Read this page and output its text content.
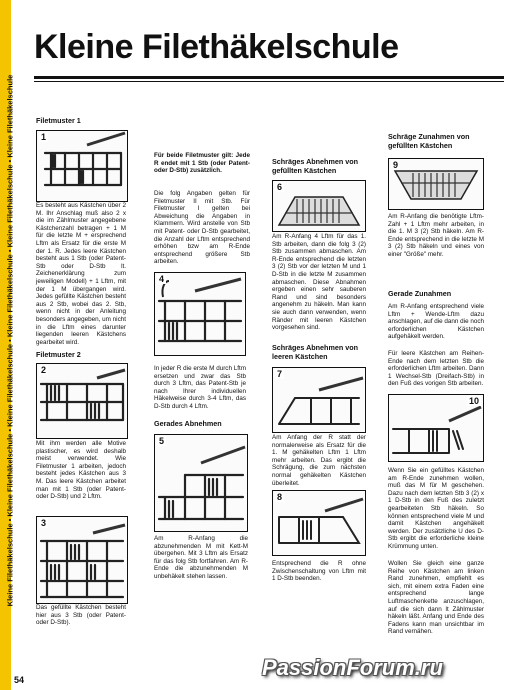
Kleine Filethäkelschule • Kleine Filethäkelschule • Kleine Filethäkelschule • Kleine Filethäkelschule • Kleine Filethäkelschule • Kleine Filethäkelschule
Kleine Filethäkelschule
Filetmuster 1
1
Es besteht aus Kästchen über 2 M. Ihr Anschlag muß also 2 x die im Zählmuster angegebene Kästchenzahl betragen + 1 M für die letzte M + ersprechend Lftm als Ersatz für die erste M der 1. R. Jedes leere Kästchen besteht aus 1 Stb (oder Patent-Stb oder D-Stb lt. Zeichenerklärung zum jeweiligen Modell) + 1 Lftm, mit der 1 M übergangen wird. Jedes gefüllte Kästchen besteht aus 2 Stb, wobei das 2. Stb, wenn nicht in der Anleitung besonders angegeben, um nicht in die Lftm eines darunter liegenden leeren Kästchens gearbeitet wird.
Filetmuster 2
2
Mit ihm werden alle Motive plastischer, es wird deshalb meist verwendet. Wie Filetmuster 1 arbeiten, jedoch besteht jedes Kästchen aus 3 M. Das leere Kästchen arbeitet man mit 1 Stb (oder Patent- oder D-Stb) und 2 Lftm.
3
Das gefüllte Kästchen besteht hier aus 3 Stb (oder Patent- oder D-Stb).
Für beide Filetmuster gilt: Jede R endet mit 1 Stb (oder Patent- oder D-Stb) zusätzlich.
Die folg Angaben gelten für Filetmuster II mit Stb. Für Filetmuster I gelten bei Abweichung die Angaben in Klammern. Wird anstelle von Stb mit Patent- oder D-Stb gearbeitet, die Anzahl der Lftm entsprechend erhöhen bzw am R-Ende entsprechend größere Stb arbeiten.
4
In jeder R die erste M durch Lftm ersetzen und zwar das Stb durch 3 Lftm, das Patent-Stb je nach Ihrer individuellen Häkelweise durch 3-4 Lftm, das D-Stb durch 4 Lftm.
Gerades Abnehmen
5
Am R-Anfang die abzunehmenden M mit Kett-M übergehen. Mit 3 Lftm als Ersatz für das folg Stb fortfahren. Am R-Ende die abzunehmenden M unbehäkelt stehen lassen.
Schräges Abnehmen von gefüllten Kästchen
6
Am R-Anfang 4 Lftm für das 1. Stb arbeiten, dann die folg 3 (2) Stb zusammen abmaschen. Am R-Ende entsprechend die letzten 3 (2) Stb vor der letzten M und 1 D-Stb in die letzte M zusammen abmaschen. Diese Abnahmen ergeben einen sehr sauberen Rand und sind besonders angenehm zu häkeln. Man kann sie auch dann verwenden, wenn Ränder mit leeren Kästchen vorgesehen sind.
Schräges Abnehmen von leeren Kästchen
7
Am Anfang der R statt der normalerweise als Ersatz für die 1. M gehäkelten Lftm 1 Lftm mehr arbeiten. Das ergibt die Schrägung, die zum nächsten normal gehäkelten Kästchen überleitet.
8
Entsprechend die R ohne Zwischenschaltung von Lftm mit 1 D-Stb beenden.
Schräge Zunahmen von gefüllten Kästchen
9
Am R-Anfang die benötigte Lftm-Zahl + 1 Lftm mehr arbeiten, in die 1. M 3 (2) Stb häkeln. Am R-Ende entsprechend in die letzte M 3 (2) Stb häkeln und eines von einer "Größe" mehr.
Gerade Zunahmen
Am R-Anfang entsprechend viele Lftm + Wende-Lftm dazu anschlagen, auf die dann die noch erforderlichen Kästchen aufgehäkelt werden.
Für leere Kästchen am Reihen-Ende nach dem letzten Stb die erforderlichen Lftm arbeiten. Dann 1 Wechsel-Stb (Dreifach-Stb) in den Fuß des vorigen Stb arbeiten.
10
Wenn Sie ein gefülltes Kästchen am R-Ende zunehmen wollen, muß das M für M geschehen. Dazu nach dem letzten Stb 3 (2) x 1 D-Stb in den Fuß des zuletzt gearbeiteten Stb häkeln. So können entsprechend viele M und damit Kästchen angehäkelt werden. Der zusätzliche U des D-Stb ergibt die erforderliche kleine Krümmung unten.
Wollen Sie gleich eine ganze Reihe von Kästchen am linken Rand zunehmen, empfiehlt es sich, mit einem extra Faden eine entsprechend lange Luftmaschenkette anzuschlagen, auf die sich dann lt Zählmuster häkeln läßt. Anfang und Ende des Fadens kann man unsichtbar im Rand vernähen.
54	PassionForum.ru
